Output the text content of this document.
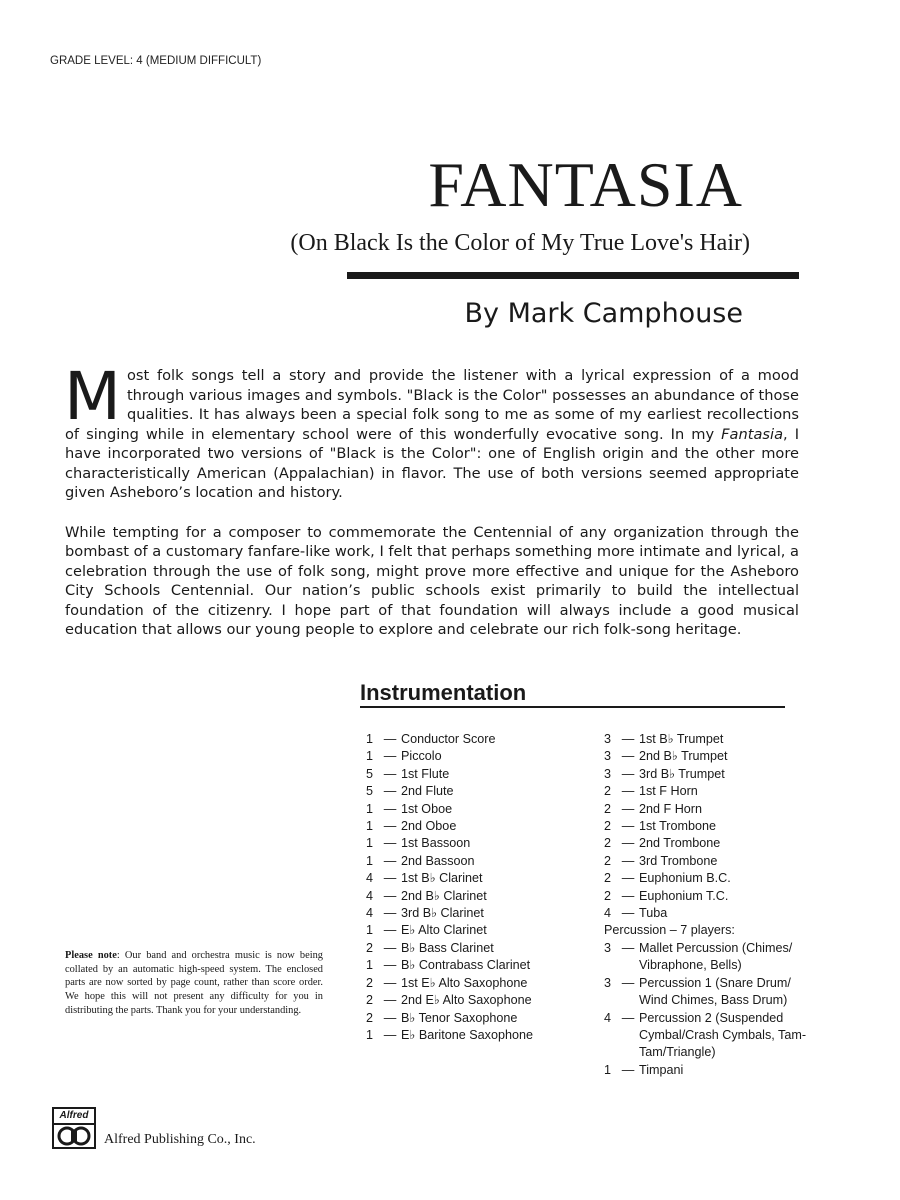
GRADE LEVEL: 4 (MEDIUM DIFFICULT)
FANTASIA
(On Black Is the Color of My True Love's Hair)
By Mark Camphouse

Most folk songs tell a story and provide the listener with a lyrical expression of a mood through various images and symbols. "Black is the Color" possesses an abundance of those qualities. It has always been a special folk song to me as some of my earliest recollections of singing while in elementary school were of this wonderfully evocative song. In my Fantasia, I have incorporated two versions of "Black is the Color": one of English origin and the other more characteristically American (Appalachian) in flavor. The use of both versions seemed appropriate given Asheboro’s location and history.

While tempting for a composer to commemorate the Centennial of any organization through the bombast of a customary fanfare-like work, I felt that perhaps something more intimate and lyrical, a celebration through the use of folk song, might prove more effective and unique for the Asheboro City Schools Centennial. Our nation’s public schools exist primarily to build the intellectual foundation of the citizenry. I hope part of that foundation will always include a good musical education that allows our young people to explore and celebrate our rich folk-song heritage.

Instrumentation
1 — Conductor Score
1 — Piccolo
5 — 1st Flute
5 — 2nd Flute
1 — 1st Oboe
1 — 2nd Oboe
1 — 1st Bassoon
1 — 2nd Bassoon
4 — 1st B♭ Clarinet
4 — 2nd B♭ Clarinet
4 — 3rd B♭ Clarinet
1 — E♭ Alto Clarinet
2 — B♭ Bass Clarinet
1 — B♭ Contrabass Clarinet
2 — 1st E♭ Alto Saxophone
2 — 2nd E♭ Alto Saxophone
2 — B♭ Tenor Saxophone
1 — E♭ Baritone Saxophone
3 — 1st B♭ Trumpet
3 — 2nd B♭ Trumpet
3 — 3rd B♭ Trumpet
2 — 1st F Horn
2 — 2nd F Horn
2 — 1st Trombone
2 — 2nd Trombone
2 — 3rd Trombone
2 — Euphonium B.C.
2 — Euphonium T.C.
4 — Tuba
Percussion – 7 players:
3 — Mallet Percussion (Chimes/ Vibraphone, Bells)
3 — Percussion 1 (Snare Drum/ Wind Chimes, Bass Drum)
4 — Percussion 2 (Suspended Cymbal/Crash Cymbals, Tam-Tam/Triangle)
1 — Timpani
Please note: Our band and orchestra music is now being collated by an automatic high-speed system. The enclosed parts are now sorted by page count, rather than score order. We hope this will not present any difficulty for you in distributing the parts. Thank you for your understanding.
Alfred
Alfred Publishing Co., Inc.
